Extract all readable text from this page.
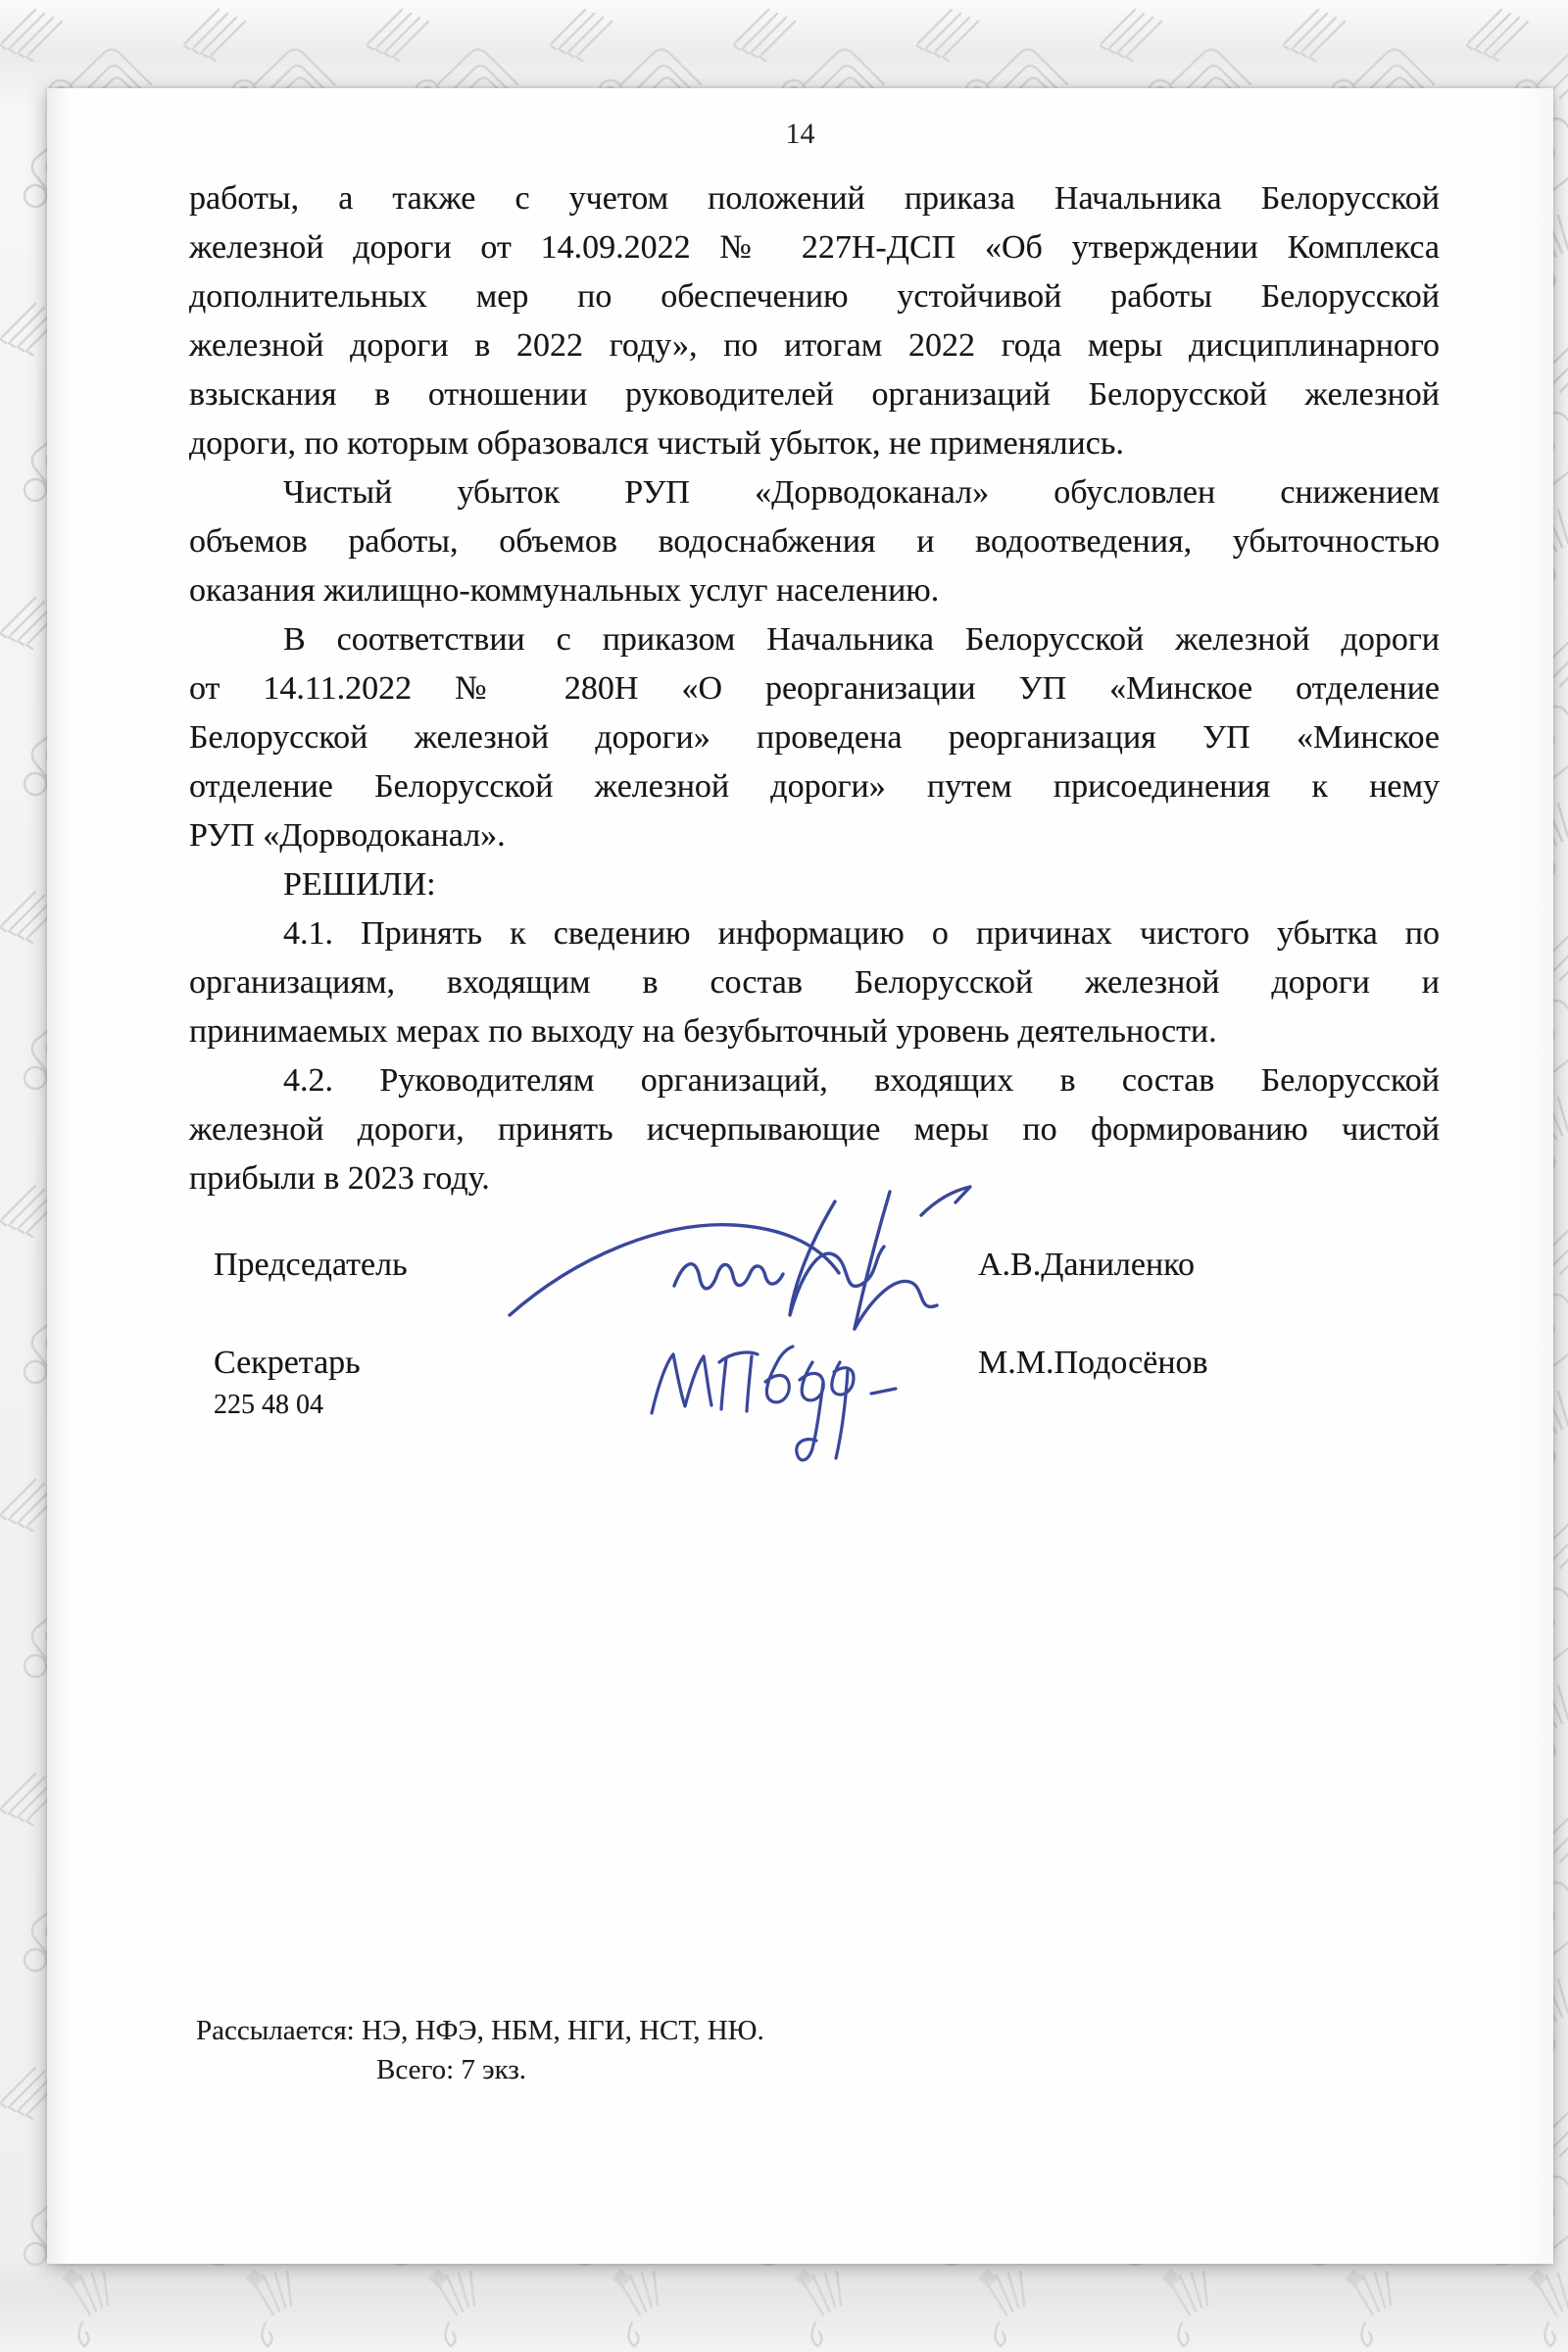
14
работы, а также с учетом положений приказа Начальника Белорусской
железной дороги от 14.09.2022 № 227Н-ДСП «Об утверждении Комплекса
дополнительных мер по обеспечению устойчивой работы Белорусской
железной дороги в 2022 году», по итогам 2022 года меры дисциплинарного
взыскания в отношении руководителей организаций Белорусской железной
дороги, по которым образовался чистый убыток, не применялись.
Чистый убыток РУП «Дорводоканал» обусловлен снижением
объемов работы, объемов водоснабжения и водоотведения, убыточностью
оказания жилищно-коммунальных услуг населению.
В соответствии с приказом Начальника Белорусской железной дороги
от 14.11.2022 № 280Н «О реорганизации УП «Минское отделение
Белорусской железной дороги» проведена реорганизация УП «Минское
отделение Белорусской железной дороги» путем присоединения к нему
РУП «Дорводоканал».
РЕШИЛИ:
4.1. Принять к сведению информацию о причинах чистого убытка по
организациям, входящим в состав Белорусской железной дороги и
принимаемых мерах по выходу на безубыточный уровень деятельности.
4.2. Руководителям организаций, входящих в состав Белорусской
железной дороги, принять исчерпывающие меры по формированию чистой
прибыли в 2023 году.
Председатель	А.В.Даниленко
Секретарь	М.М.Подосёнов
225 48 04
Рассылается: НЭ, НФЭ, НБМ, НГИ, НСТ, НЮ.
Всего: 7 экз.
